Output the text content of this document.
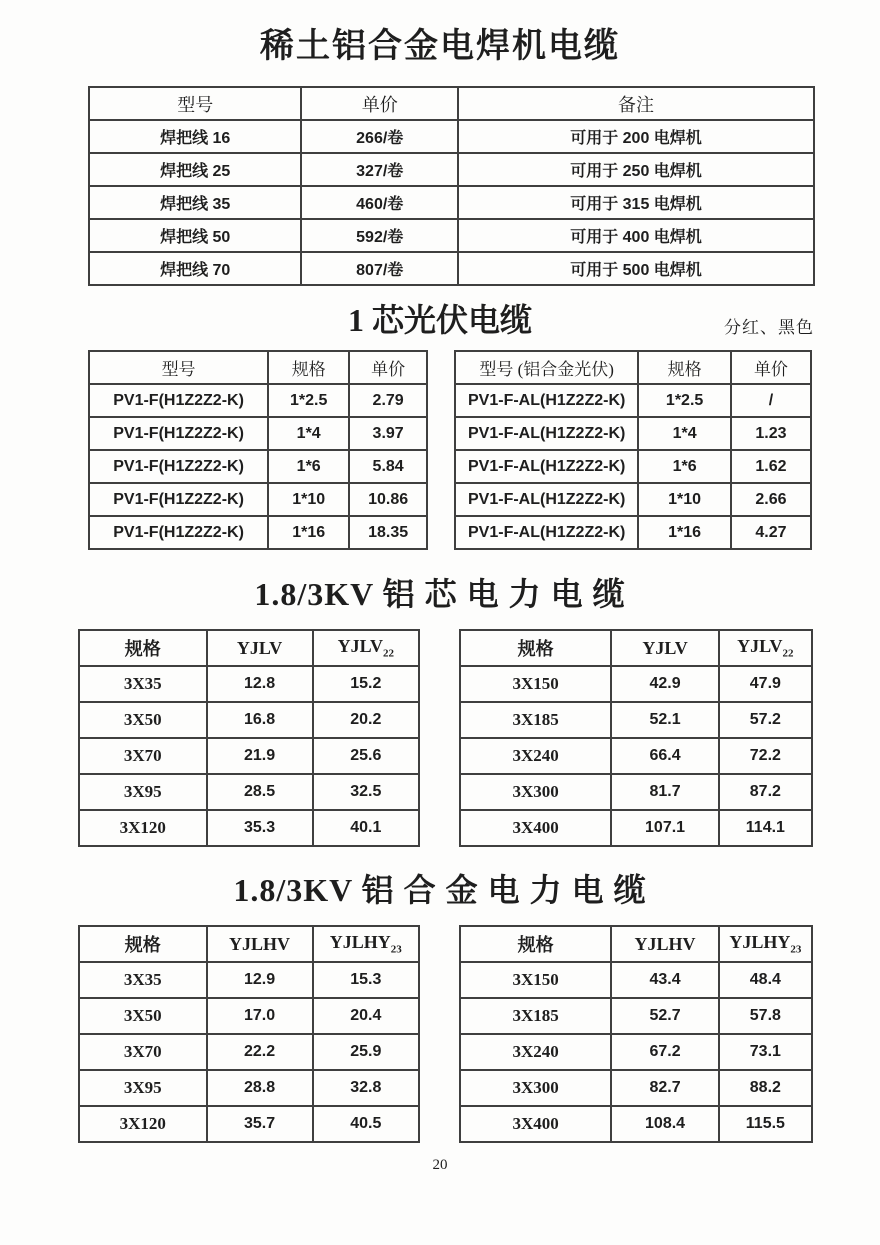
稀土铝合金电焊机电缆
型号	单价	备注
焊把线 16	266/卷	可用于 200 电焊机
焊把线 25	327/卷	可用于 250 电焊机
焊把线 35	460/卷	可用于 315 电焊机
焊把线 50	592/卷	可用于 400 电焊机
焊把线 70	807/卷	可用于 500 电焊机
1 芯光伏电缆	分红、黑色
型号	规格	单价
PV1-F(H1Z2Z2-K)	1*2.5	2.79
PV1-F(H1Z2Z2-K)	1*4	3.97
PV1-F(H1Z2Z2-K)	1*6	5.84
PV1-F(H1Z2Z2-K)	1*10	10.86
PV1-F(H1Z2Z2-K)	1*16	18.35
型号 (铝合金光伏)	规格	单价
PV1-F-AL(H1Z2Z2-K)	1*2.5	/
PV1-F-AL(H1Z2Z2-K)	1*4	1.23
PV1-F-AL(H1Z2Z2-K)	1*6	1.62
PV1-F-AL(H1Z2Z2-K)	1*10	2.66
PV1-F-AL(H1Z2Z2-K)	1*16	4.27
1.8/3KV 铝 芯 电 力 电 缆
规格	YJLV	$YJLV_{22}$
3X35	12.8	15.2
3X50	16.8	20.2
3X70	21.9	25.6
3X95	28.5	32.5
3X120	35.3	40.1
规格	YJLV	$YJLV_{22}$
3X150	42.9	47.9
3X185	52.1	57.2
3X240	66.4	72.2
3X300	81.7	87.2
3X400	107.1	114.1
1.8/3KV 铝 合 金 电 力 电 缆
规格	YJLHV	$YJLHY_{23}$
3X35	12.9	15.3
3X50	17.0	20.4
3X70	22.2	25.9
3X95	28.8	32.8
3X120	35.7	40.5
规格	YJLHV	$YJLHY_{23}$
3X150	43.4	48.4
3X185	52.7	57.8
3X240	67.2	73.1
3X300	82.7	88.2
3X400	108.4	115.5
20
